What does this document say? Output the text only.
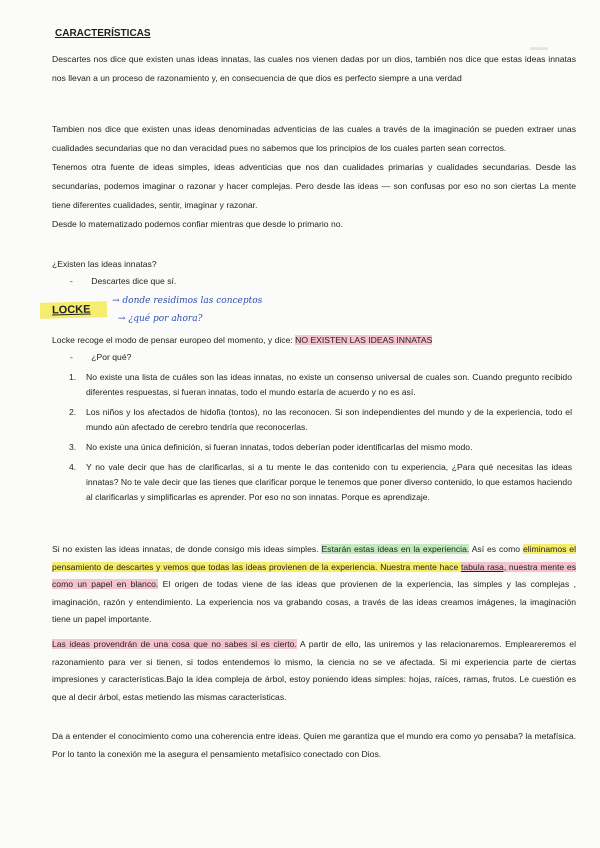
▬▬
CARACTERÍSTICAS

Descartes nos dice que existen unas ideas innatas, las cuales nos vienen dadas por un dios, también nos dice que estas ideas innatas nos llevan a un proceso de razonamiento y, en consecuencia de que dios es perfecto siempre a una verdad

Tambien nos dice que existen unas ideas denominadas adventicias de las cuales a través de la imaginación se pueden extraer unas cualidades secundarias que no dan veracidad pues no sabemos que los principios de los cuales parten sean correctos.

Tenemos otra fuente de ideas simples, ideas adventicias que nos dan cualidades primarias y cualidades secundarias. Desde las secundarias, podemos imaginar o razonar y hacer complejas. Pero desde las ideas — son confusas por eso no son ciertas La mente tiene diferentes cualidades, sentir, imaginar y razonar.

Desde lo matematizado podemos confiar mientras que desde lo primario no.

¿Existen las ideas innatas?

- Descartes dice que sí.
LOCKE
→ donde residimos las conceptos
→ ¿qué por ahora?
Locke recoge el modo de pensar europeo del momento, y dice: NO EXISTEN LAS IDEAS INNATAS
- ¿Por qué?
1. No existe una lista de cuáles son las ideas innatas, no existe un consenso universal de cuales son. Cuando pregunto recibido diferentes respuestas, si fueran innatas, todo el mundo estaría de acuerdo y no es así.
2. Los niños y los afectados de hidofia (tontos), no las reconocen. Si son independientes del mundo y de la experiencia, todo el mundo aún afectado de cerebro tendría que reconocerlas.
3. No existe una única definición, si fueran innatas, todos deberían poder identificarlas del mismo modo.
4. Y no vale decir que has de clarificarlas, si a tu mente le das contenido con tu experiencia, ¿Para qué necesitas las ideas innatas? No te vale decir que las tienes que clarificar porque le tenemos que poner diverso contenido, lo que estamos haciendo al clarificarlas y simplificarlas es aprender. Por eso no son innatas. Porque es aprendizaje.
Si no existen las ideas innatas, de donde consigo mis ideas simples. Estarán estas ideas en la experiencia. Así es como eliminamos el pensamiento de descartes y vemos que todas las ideas provienen de la experiencia. Nuestra mente hace tabula rasa, nuestra mente es como un papel en blanco. El origen de todas viene de las ideas que provienen de la experiencia, las simples y las complejas , imaginación, razón y entendimiento. La experiencia nos va grabando cosas, a través de las ideas creamos imágenes, la imaginación tiene un papel importante.
Las ideas provendrán de una cosa que no sabes si es cierto. A partir de ello, las uniremos y las relacionaremos. Empleareremos el razonamiento para ver si tienen, si todos entendemos lo mismo, la ciencia no se ve afectada. Si mi experiencia parte de ciertas impresiones y características.Bajo la idea compleja de árbol, estoy poniendo ideas simples: hojas, raíces, ramas, frutos. Le cuestión es que al decir árbol, estas metiendo las mismas características.

Da a entender el conocimiento como una coherencia entre ideas. Quien me garantiza que el mundo era como yo pensaba? la metafísica. Por lo tanto la conexión me la asegura el pensamiento metafísico conectado con Dios.
